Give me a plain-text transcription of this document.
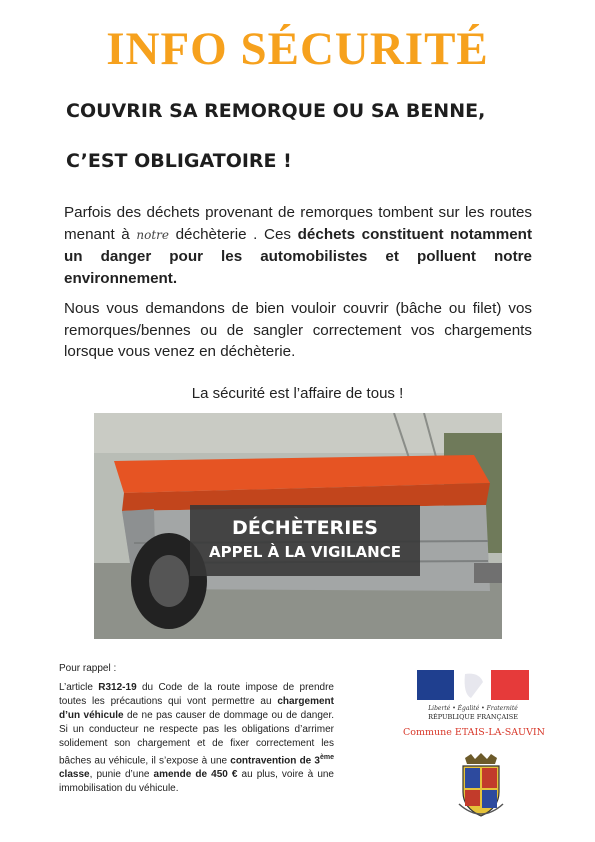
INFO SÉCURITÉ
COUVRIR SA REMORQUE OU SA BENNE,
C’EST OBLIGATOIRE !
Parfois des déchets provenant de remorques tombent sur les routes menant à notre déchèterie . Ces déchets constituent notamment un danger pour les automobilistes et polluent notre environnement.
Nous vous demandons de bien vouloir couvrir (bâche ou filet) vos remorques/bennes ou de sangler correctement vos chargements lorsque vous venez en déchèterie.
La sécurité est l’affaire de tous !
DÉCHÈTERIES
APPEL À LA VIGILANCE
Pour rappel :

L’article R312-19 du Code de la route impose de prendre toutes les précautions qui vont permettre au chargement d’un véhicule de ne pas causer de dommage ou de danger. Si un conducteur ne respecte pas les obligations d’arrimer solidement son chargement et de fixer correctement les bâches au véhicule, il s’expose à une contravention de 3ème classe, punie d’une amende de 450 € au plus, voire à une immobilisation du véhicule.

Liberté • Égalité • Fraternité
RÉPUBLIQUE FRANÇAISE
Commune ETAIS-LA-SAUVIN
